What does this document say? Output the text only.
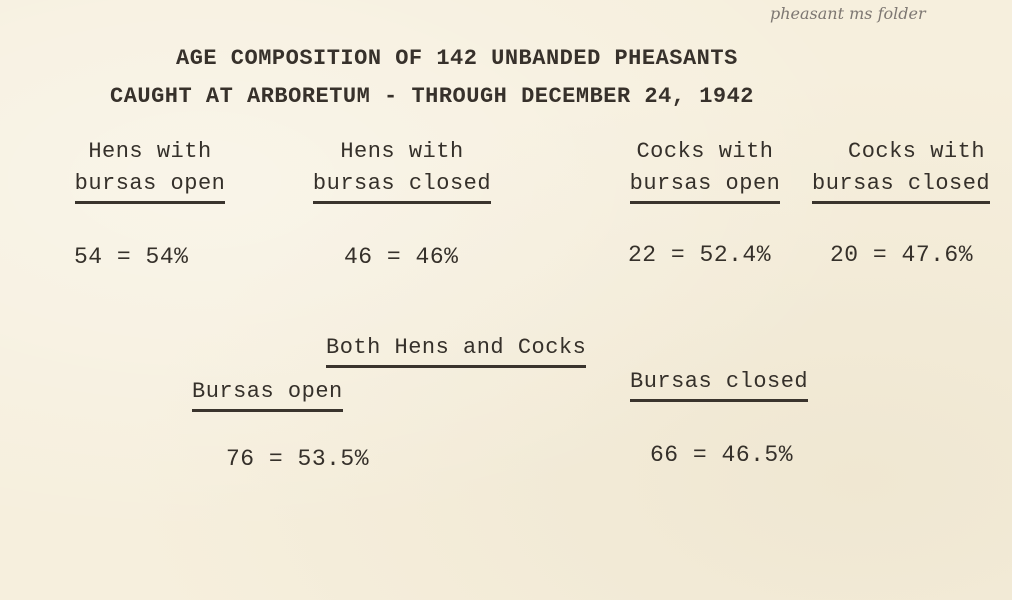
pheasant ms folder
AGE COMPOSITION OF 142 UNBANDED PHEASANTS
CAUGHT AT ARBORETUM - THROUGH DECEMBER 24, 1942
Hens with
bursas open
54 = 54%
Hens with
bursas closed
46 = 46%
Cocks with
bursas open
22 = 52.4%
Cocks with
bursas closed
20 = 47.6%
Both Hens and Cocks
Bursas open
76 = 53.5%
Bursas closed
66 = 46.5%
